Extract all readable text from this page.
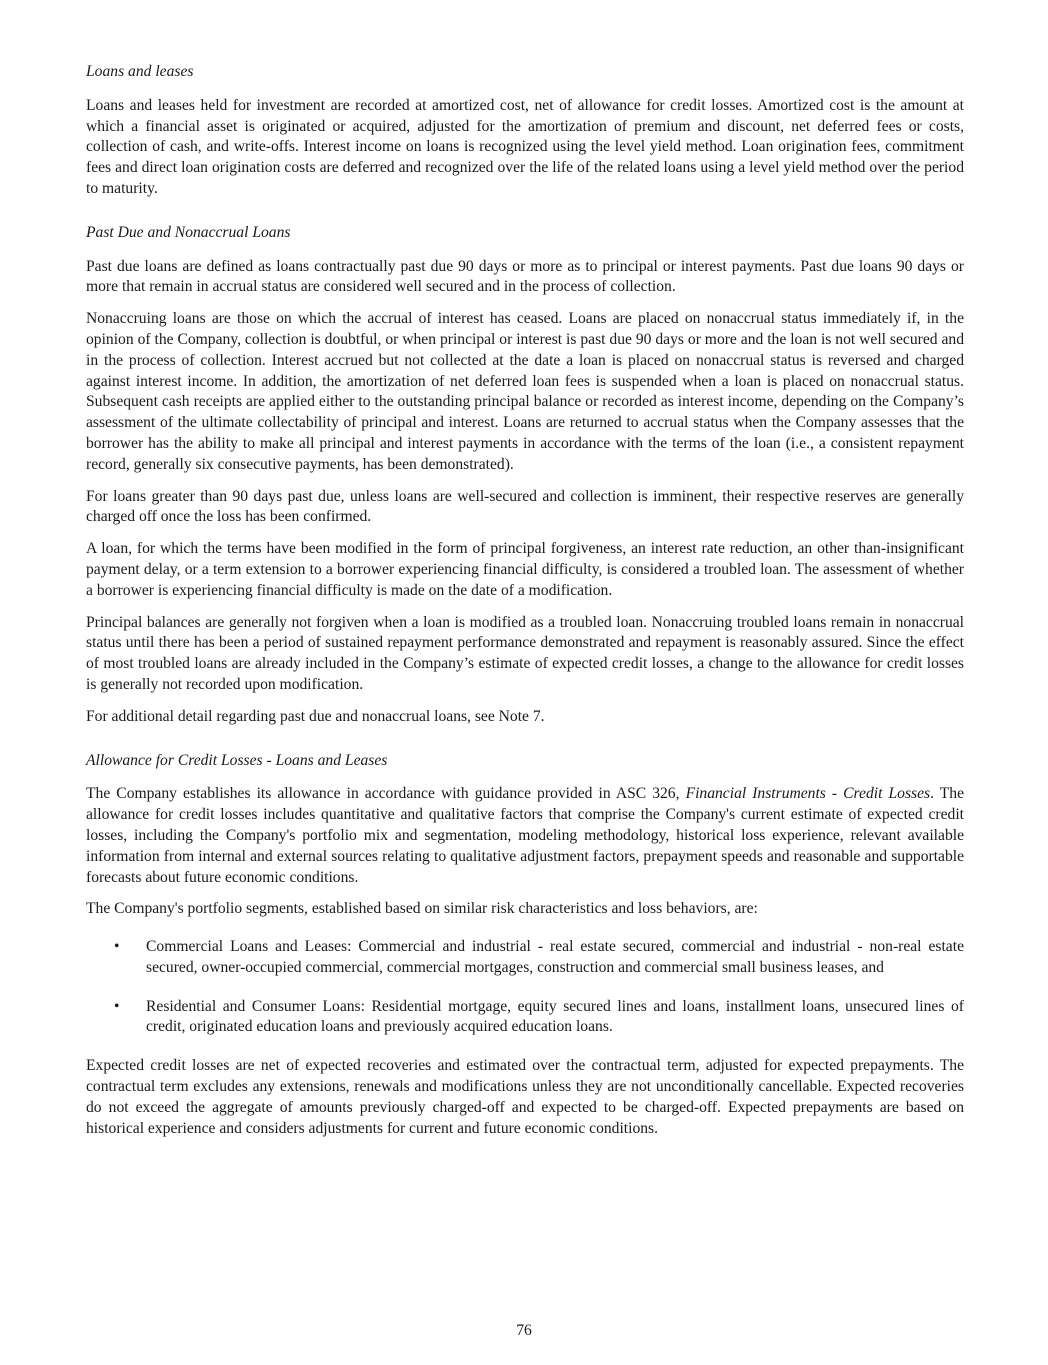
Loans and leases

Loans and leases held for investment are recorded at amortized cost, net of allowance for credit losses. Amortized cost is the amount at which a financial asset is originated or acquired, adjusted for the amortization of premium and discount, net deferred fees or costs, collection of cash, and write-offs. Interest income on loans is recognized using the level yield method. Loan origination fees, commitment fees and direct loan origination costs are deferred and recognized over the life of the related loans using a level yield method over the period to maturity.

Past Due and Nonaccrual Loans

Past due loans are defined as loans contractually past due 90 days or more as to principal or interest payments. Past due loans 90 days or more that remain in accrual status are considered well secured and in the process of collection.

Nonaccruing loans are those on which the accrual of interest has ceased. Loans are placed on nonaccrual status immediately if, in the opinion of the Company, collection is doubtful, or when principal or interest is past due 90 days or more and the loan is not well secured and in the process of collection. Interest accrued but not collected at the date a loan is placed on nonaccrual status is reversed and charged against interest income. In addition, the amortization of net deferred loan fees is suspended when a loan is placed on nonaccrual status. Subsequent cash receipts are applied either to the outstanding principal balance or recorded as interest income, depending on the Company’s assessment of the ultimate collectability of principal and interest. Loans are returned to accrual status when the Company assesses that the borrower has the ability to make all principal and interest payments in accordance with the terms of the loan (i.e., a consistent repayment record, generally six consecutive payments, has been demonstrated).

For loans greater than 90 days past due, unless loans are well-secured and collection is imminent, their respective reserves are generally charged off once the loss has been confirmed.

A loan, for which the terms have been modified in the form of principal forgiveness, an interest rate reduction, an other than-insignificant payment delay, or a term extension to a borrower experiencing financial difficulty, is considered a troubled loan. The assessment of whether a borrower is experiencing financial difficulty is made on the date of a modification.

Principal balances are generally not forgiven when a loan is modified as a troubled loan. Nonaccruing troubled loans remain in nonaccrual status until there has been a period of sustained repayment performance demonstrated and repayment is reasonably assured. Since the effect of most troubled loans are already included in the Company’s estimate of expected credit losses, a change to the allowance for credit losses is generally not recorded upon modification.

For additional detail regarding past due and nonaccrual loans, see Note 7.

Allowance for Credit Losses - Loans and Leases

The Company establishes its allowance in accordance with guidance provided in ASC 326, Financial Instruments - Credit Losses. The allowance for credit losses includes quantitative and qualitative factors that comprise the Company's current estimate of expected credit losses, including the Company's portfolio mix and segmentation, modeling methodology, historical loss experience, relevant available information from internal and external sources relating to qualitative adjustment factors, prepayment speeds and reasonable and supportable forecasts about future economic conditions.

The Company's portfolio segments, established based on similar risk characteristics and loss behaviors, are:

• Commercial Loans and Leases: Commercial and industrial - real estate secured, commercial and industrial - non-real estate secured, owner-occupied commercial, commercial mortgages, construction and commercial small business leases, and
• Residential and Consumer Loans: Residential mortgage, equity secured lines and loans, installment loans, unsecured lines of credit, originated education loans and previously acquired education loans.

Expected credit losses are net of expected recoveries and estimated over the contractual term, adjusted for expected prepayments. The contractual term excludes any extensions, renewals and modifications unless they are not unconditionally cancellable. Expected recoveries do not exceed the aggregate of amounts previously charged-off and expected to be charged-off. Expected prepayments are based on historical experience and considers adjustments for current and future economic conditions.

76
